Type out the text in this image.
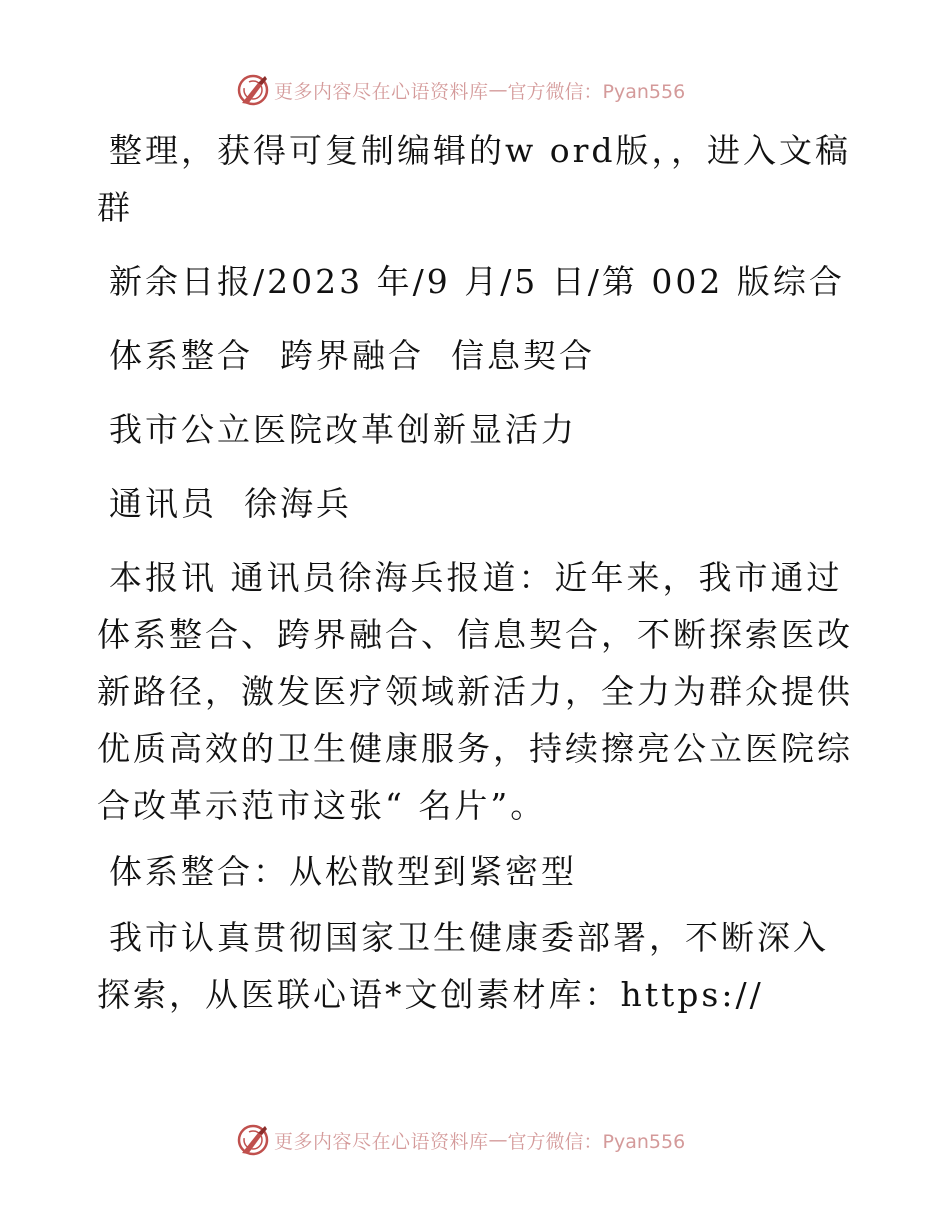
更多内容尽在心语资料库 — 官方微信：Pyan556

整理，获得可复制编辑的w ord版，，进入文稿群

新余日报/2023 年/9 月/5 日/第 002 版综合

体系整合  跨界融合  信息契合

我市公立医院改革创新显活力

通讯员  徐海兵

本报讯 通讯员徐海兵报道：近年来，我市通过体系整合、跨界融合、信息契合，不断探索医改新路径，激发医疗领域新活力，全力为群众提供优质高效的卫生健康服务，持续擦亮公立医院综合改革示范市这张“ 名片”。

体系整合：从松散型到紧密型

我市认真贯彻国家卫生健康委部署，不断深入探索，从医联心语*文创素材库：https://

更多内容尽在心语资料库 — 官方微信：Pyan556
